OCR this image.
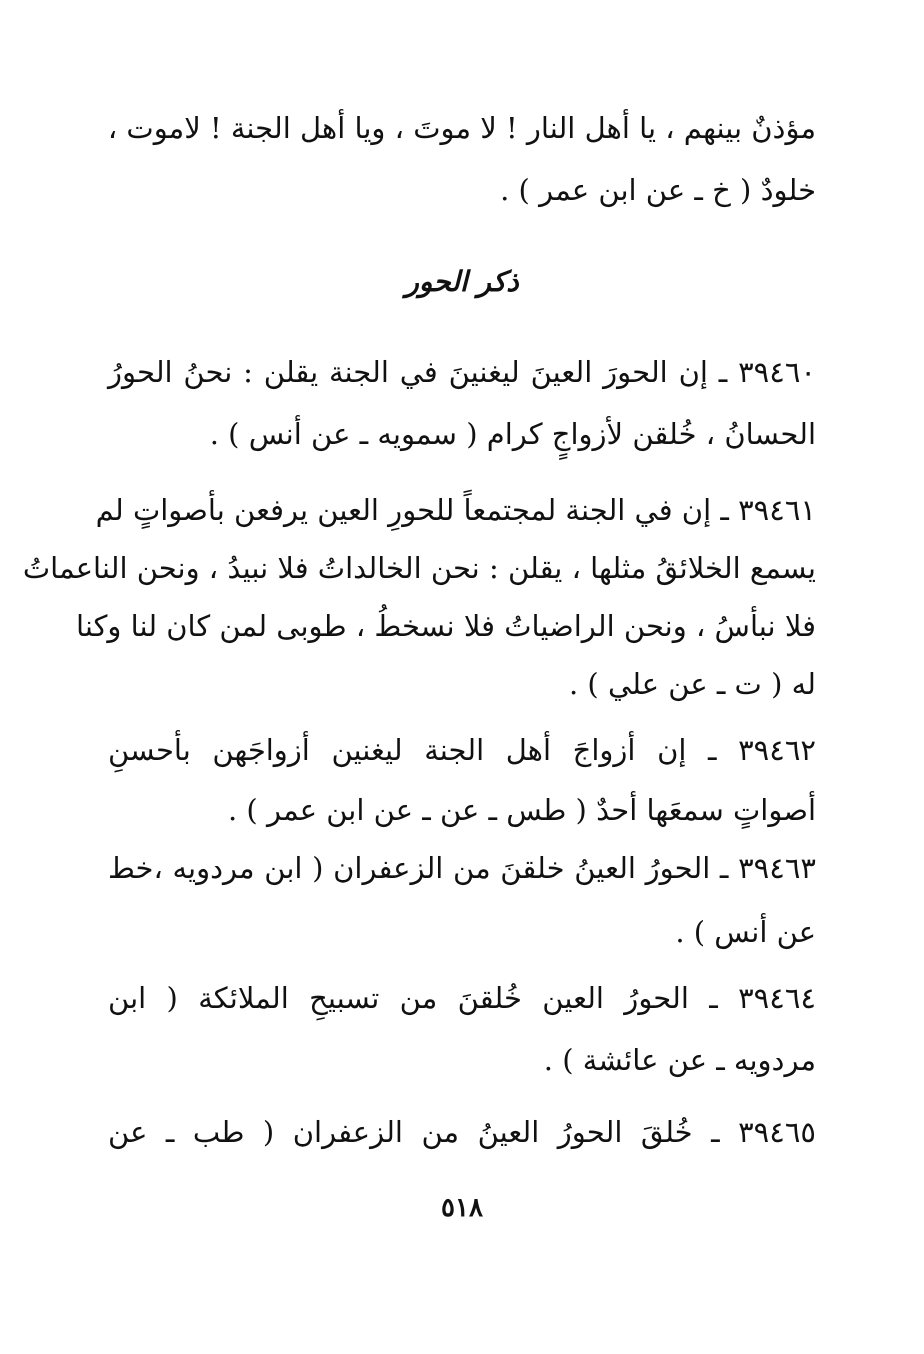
مؤذنٌ بينهم ، يا أهل النار ! لا موتَ ، ويا أهل الجنة ! لاموت ،
خلودٌ ( خ ـ عن ابن عمر ) .
ذكر الحور
٣٩٤٦٠ ـ إن الحورَ العينَ ليغنينَ في الجنة يقلن : نحنُ الحورُ
الحسانُ ، خُلقن لأزواجٍ كرام ( سمويه ـ عن أنس ) .
٣٩٤٦١ ـ إن في الجنة لمجتمعاً للحورِ العين يرفعن بأصواتٍ لم
يسمع الخلائقُ مثلها ، يقلن : نحن الخالداتُ فلا نبيدُ ، ونحن الناعماتُ
فلا نبأسُ ، ونحن الراضياتُ فلا نسخطُ ، طوبى لمن كان لنا وكنا
له ( ت ـ عن علي ) .
٣٩٤٦٢ ـ إن أزواجَ أهل الجنة ليغنين أزواجَهن بأحسنِ
أصواتٍ سمعَها أحدٌ ( طس ـ عن ـ عن ابن عمر ) .
٣٩٤٦٣ ـ الحورُ العينُ خلقنَ من الزعفران ( ابن مردويه ،خط
عن أنس ) .
٣٩٤٦٤ ـ الحورُ العين خُلقنَ من تسبيحِ الملائكة ( ابن
مردويه ـ عن عائشة ) .
٣٩٤٦٥ ـ خُلقَ الحورُ العينُ من الزعفران ( طب ـ عن
٥١٨
